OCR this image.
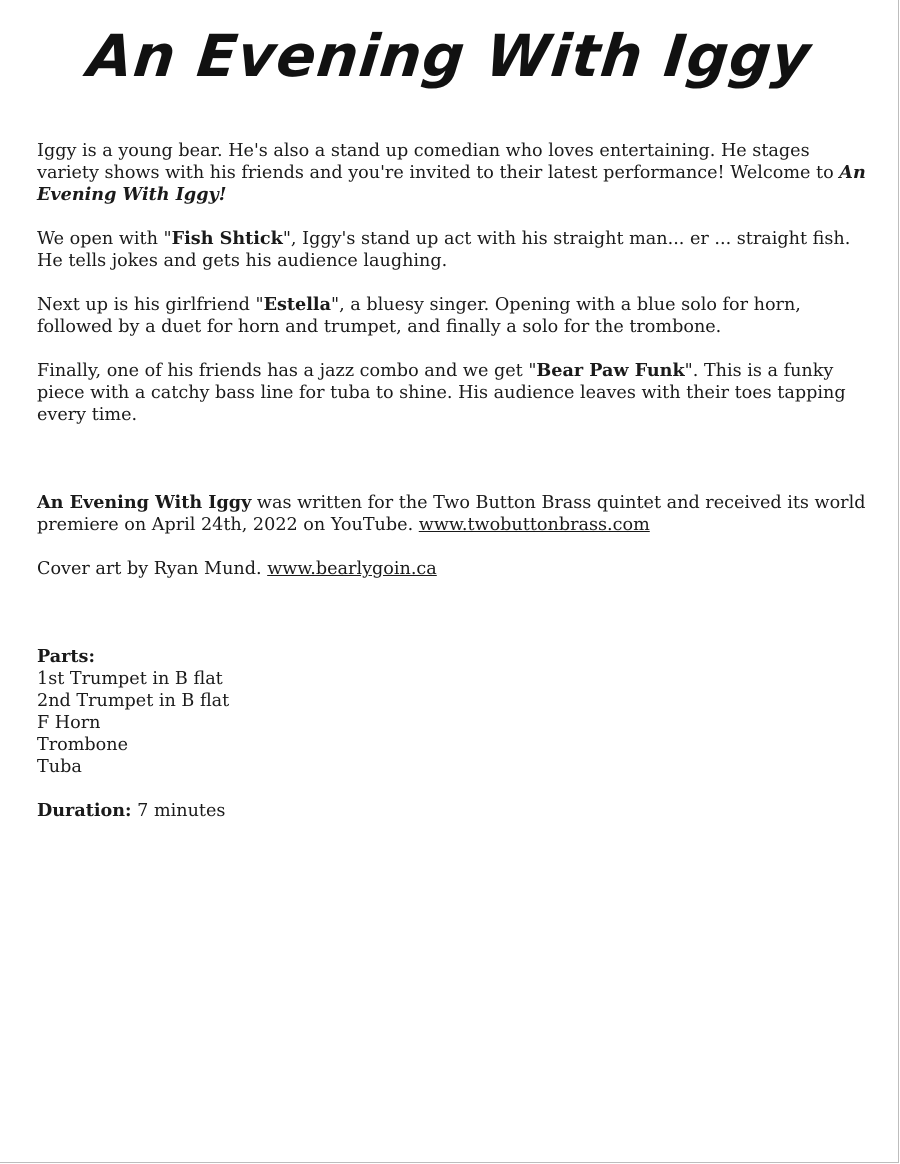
An Evening With Iggy

Iggy is a young bear. He's also a stand up comedian who loves entertaining. He stages variety shows with his friends and you're invited to their latest performance! Welcome to An Evening With Iggy!

We open with "Fish Shtick", Iggy's stand up act with his straight man... er ... straight fish. He tells jokes and gets his audience laughing.

Next up is his girlfriend "Estella", a bluesy singer. Opening with a blue solo for horn, followed by a duet for horn and trumpet, and finally a solo for the trombone.

Finally, one of his friends has a jazz combo and we get "Bear Paw Funk". This is a funky piece with a catchy bass line for tuba to shine. His audience leaves with their toes tapping every time.

An Evening With Iggy was written for the Two Button Brass quintet and received its world premiere on April 24th, 2022 on YouTube. www.twobuttonbrass.com

Cover art by Ryan Mund. www.bearlygoin.ca

Parts:
1st Trumpet in B flat
2nd Trumpet in B flat
F Horn
Trombone
Tuba

Duration: 7 minutes
